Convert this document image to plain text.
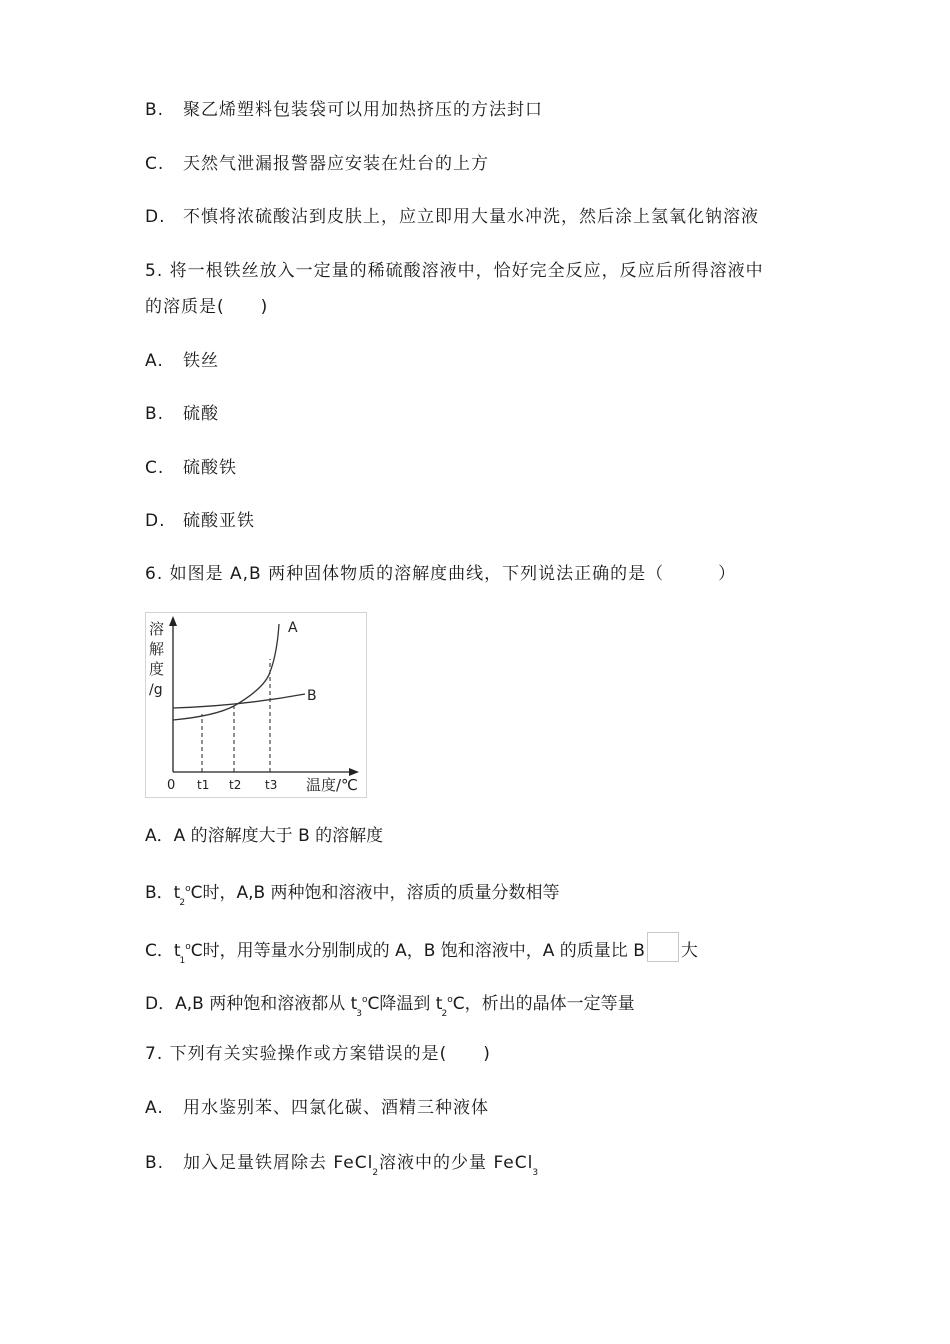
B. 聚乙烯塑料包装袋可以用加热挤压的方法封口
C. 天然气泄漏报警器应安装在灶台的上方
D. 不慎将浓硫酸沾到皮肤上，应立即用大量水冲洗，然后涂上氢氧化钠溶液
5. 将一根铁丝放入一定量的稀硫酸溶液中，恰好完全反应，反应后所得溶液中
的溶质是(　　)
A. 铁丝
B. 硫酸
C. 硫酸铁
D. 硫酸亚铁
6. 如图是 A,B 两种固体物质的溶解度曲线，下列说法正确的是（　　　）
溶
解
度
/g
A
B
0 t1 t2 t3 温度/℃
A．A 的溶解度大于 B 的溶解度
B．$t_2^oC$时，A,B 两种饱和溶液中，溶质的质量分数相等
C．$t_1^oC$时，用等量水分别制成的 A，B 饱和溶液中，A 的质量比 B 大
D．A,B 两种饱和溶液都从 $t_3^oC$降温到 $t_2^oC$，析出的晶体一定等量
7. 下列有关实验操作或方案错误的是(　　)
A. 用水鉴别苯、四氯化碳、酒精三种液体
B. 加入足量铁屑除去 FeCl$_2$溶液中的少量 FeCl$_3$
